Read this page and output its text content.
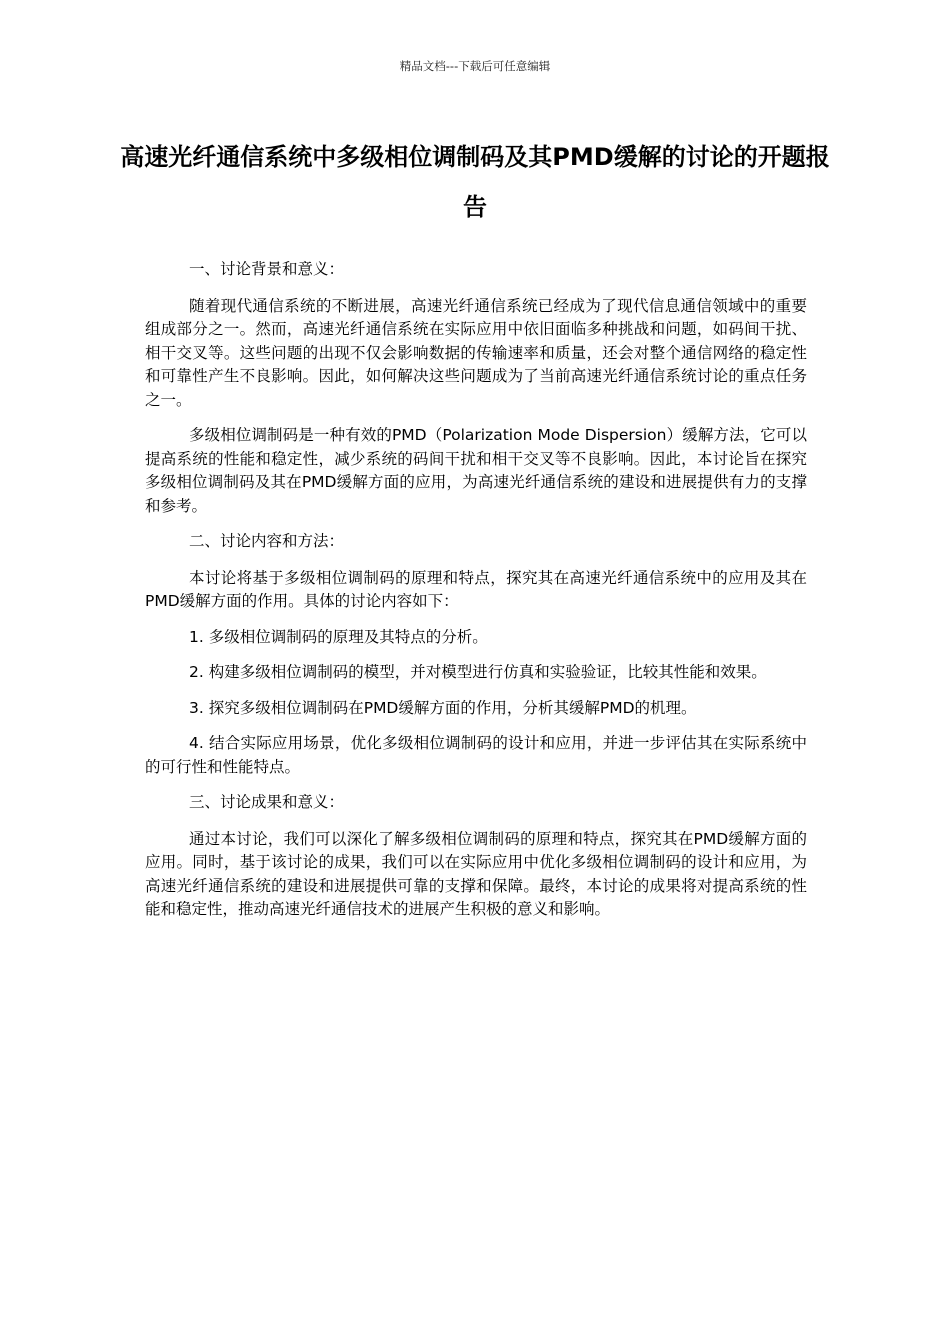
精品文档---下载后可任意编辑
高速光纤通信系统中多级相位调制码及其PMD缓解的讨论的开题报告

一、讨论背景和意义：

随着现代通信系统的不断进展，高速光纤通信系统已经成为了现代信息通信领域中的重要组成部分之一。然而，高速光纤通信系统在实际应用中依旧面临多种挑战和问题，如码间干扰、相干交叉等。这些问题的出现不仅会影响数据的传输速率和质量，还会对整个通信网络的稳定性和可靠性产生不良影响。因此，如何解决这些问题成为了当前高速光纤通信系统讨论的重点任务之一。

多级相位调制码是一种有效的PMD（Polarization Mode Dispersion）缓解方法，它可以提高系统的性能和稳定性，减少系统的码间干扰和相干交叉等不良影响。因此，本讨论旨在探究多级相位调制码及其在PMD缓解方面的应用，为高速光纤通信系统的建设和进展提供有力的支撑和参考。

二、讨论内容和方法：

本讨论将基于多级相位调制码的原理和特点，探究其在高速光纤通信系统中的应用及其在PMD缓解方面的作用。具体的讨论内容如下：

1. 多级相位调制码的原理及其特点的分析。

2. 构建多级相位调制码的模型，并对模型进行仿真和实验验证，比较其性能和效果。

3. 探究多级相位调制码在PMD缓解方面的作用，分析其缓解PMD的机理。

4. 结合实际应用场景，优化多级相位调制码的设计和应用，并进一步评估其在实际系统中的可行性和性能特点。

三、讨论成果和意义：

通过本讨论，我们可以深化了解多级相位调制码的原理和特点，探究其在PMD缓解方面的应用。同时，基于该讨论的成果，我们可以在实际应用中优化多级相位调制码的设计和应用，为高速光纤通信系统的建设和进展提供可靠的支撑和保障。最终，本讨论的成果将对提高系统的性能和稳定性，推动高速光纤通信技术的进展产生积极的意义和影响。
